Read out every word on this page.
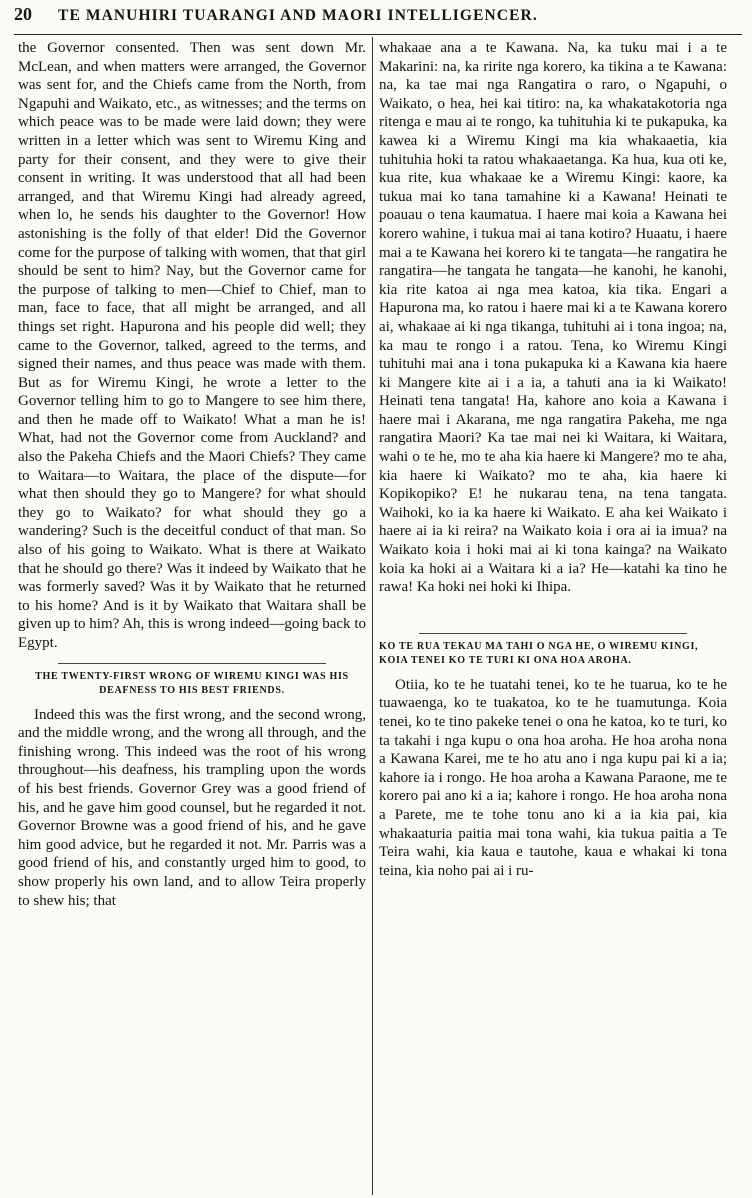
20	TE MANUHIRI TUARANGI AND MAORI INTELLIGENCER.

the Governor consented. Then was sent down Mr. McLean, and when matters were arranged, the Governor was sent for, and the Chiefs came from the North, from Ngapuhi and Waikato, etc., as witnesses; and the terms on which peace was to be made were laid down; they were written in a letter which was sent to Wiremu King and party for their consent, and they were to give their consent in writing. It was understood that all had been arranged, and that Wiremu Kingi had already agreed, when lo, he sends his daughter to the Governor! How astonishing is the folly of that elder! Did the Governor come for the purpose of talking with women, that that girl should be sent to him? Nay, but the Governor came for the purpose of talking to men—Chief to Chief, man to man, face to face, that all might be arranged, and all things set right. Hapurona and his people did well; they came to the Governor, talked, agreed to the terms, and signed their names, and thus peace was made with them. But as for Wiremu Kingi, he wrote a letter to the Governor telling him to go to Mangere to see him there, and then he made off to Waikato! What a man he is! What, had not the Governor come from Auckland? and also the Pakeha Chiefs and the Maori Chiefs? They came to Waitara—to Waitara, the place of the dispute—for what then should they go to Mangere? for what should they go to Waikato? for what should they go a wandering? Such is the deceitful conduct of that man. So also of his going to Waikato. What is there at Waikato that he should go there? Was it indeed by Waikato that he was formerly saved? Was it by Waikato that he returned to his home? And is it by Waikato that Waitara shall be given up to him? Ah, this is wrong indeed—going back to Egypt.

THE TWENTY-FIRST WRONG OF WIREMU KINGI WAS HIS DEAFNESS TO HIS BEST FRIENDS.

Indeed this was the first wrong, and the second wrong, and the middle wrong, and the wrong all through, and the finishing wrong. This indeed was the root of his wrong throughout—his deafness, his trampling upon the words of his best friends. Governor Grey was a good friend of his, and he gave him good counsel, but he regarded it not. Governor Browne was a good friend of his, and he gave him good advice, but he regarded it not. Mr. Parris was a good friend of his, and constantly urged him to good, to show properly his own land, and to allow Teira properly to shew his; that

whakaae ana a te Kawana. Na, ka tuku mai i a te Makarini: na, ka ririte nga korero, ka tikina a te Kawana: na, ka tae mai nga Rangatira o raro, o Ngapuhi, o Waikato, o hea, hei kai titiro: na, ka whakatakotoria nga ritenga e mau ai te rongo, ka tuhituhia ki te pukapuka, ka kawea ki a Wiremu Kingi ma kia whakaaetia, kia tuhituhia hoki ta ratou whakaaetanga. Ka hua, kua oti ke, kua rite, kua whakaae ke a Wiremu Kingi: kaore, ka tukua mai ko tana tamahine ki a Kawana! Heinati te poauau o tena kaumatua. I haere mai koia a Kawana hei korero wahine, i tukua mai ai tana kotiro? Huaatu, i haere mai a te Kawana hei korero ki te tangata—he rangatira he rangatira—he tangata he tangata—he kanohi, he kanohi, kia rite katoa ai nga mea katoa, kia tika. Engari a Hapurona ma, ko ratou i haere mai ki a te Kawana korero ai, whakaae ai ki nga tikanga, tuhituhi ai i tona ingoa; na, ka mau te rongo i a ratou. Tena, ko Wiremu Kingi tuhituhi mai ana i tona pukapuka ki a Kawana kia haere ki Mangere kite ai i a ia, a tahuti ana ia ki Waikato! Heinati tena tangata! Ha, kahore ano koia a Kawana i haere mai i Akarana, me nga rangatira Pakeha, me nga rangatira Maori? Ka tae mai nei ki Waitara, ki Waitara, wahi o te he, mo te aha kia haere ki Mangere? mo te aha, kia haere ki Waikato? mo te aha, kia haere ki Kopikopiko? E! he nukarau tena, na tena tangata. Waihoki, ko ia ka haere ki Waikato. E aha kei Waikato i haere ai ia ki reira? na Waikato koia i ora ai ia imua? na Waikato koia i hoki mai ai ki tona kainga? na Waikato koia ka hoki ai a Waitara ki a ia? He—katahi ka tino he rawa! Ka hoki nei hoki ki Ihipa.

KO TE RUA TEKAU MA TAHI O NGA HE, O WIREMU KINGI, KOIA TENEI KO TE TURI KI ONA HOA AROHA.

Otiia, ko te he tuatahi tenei, ko te he tuarua, ko te he tuawaenga, ko te tuakatoa, ko te he tuamutunga. Koia tenei, ko te tino pakeke tenei o ona he katoa, ko te turi, ko ta takahi i nga kupu o ona hoa aroha. He hoa aroha nona a Kawana Karei, me te ho atu ano i nga kupu pai ki a ia; kahore ia i rongo. He hoa aroha a Kawana Paraone, me te korero pai ano ki a ia; kahore i rongo. He hoa aroha nona a Parete, me te tohe tonu ano ki a ia kia pai, kia whakaaturia paitia mai tona wahi, kia tukua paitia a Te Teira wahi, kia kaua e tautohe, kaua e whakai ki tona teina, kia noho pai ai i ru-
